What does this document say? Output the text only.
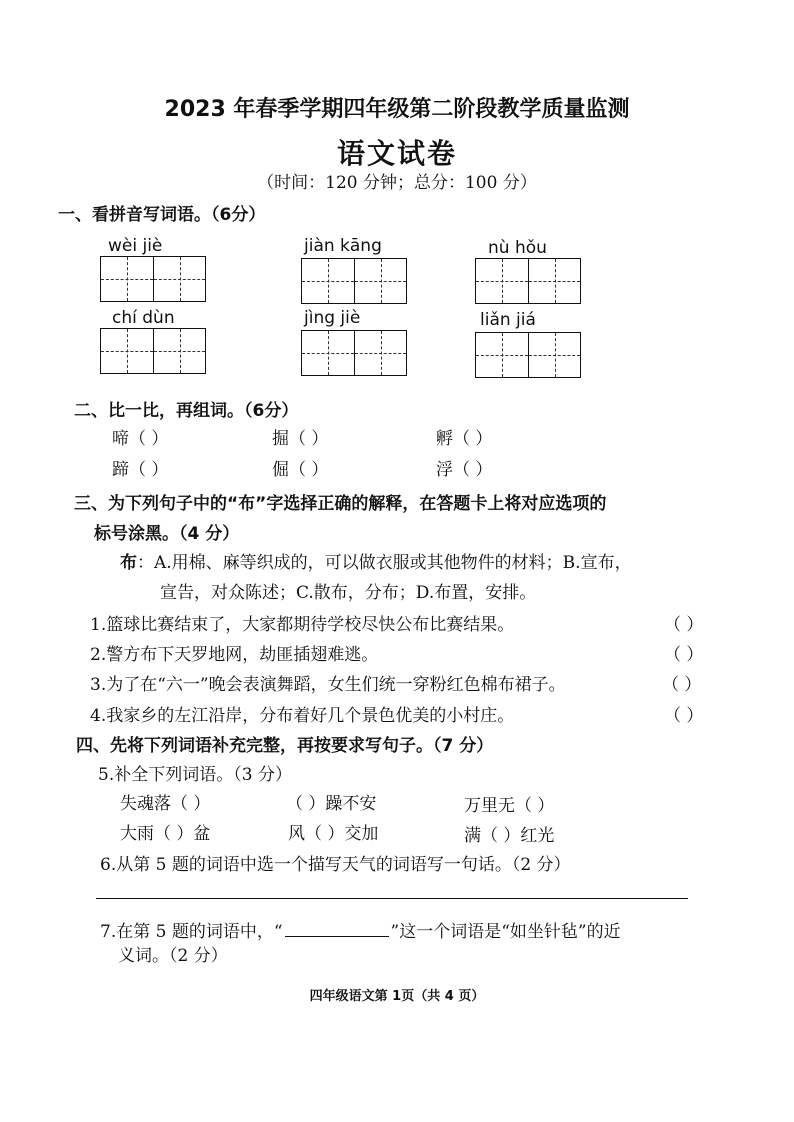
2023 年春季学期四年级第二阶段教学质量监测
语文试卷
（时间：120 分钟；总分：100 分）
一、看拼音写词语。（6分）
wèi jiè	jiàn kāng	nù hǒu
chí dùn	jìng jiè	liǎn jiá
二、比一比，再组词。（6分）
啼（ ）	掘（ ）	孵（ ）
蹄（ ）	倔（ ）	浮（ ）
三、为下列句子中的“布”字选择正确的解释，在答题卡上将对应选项的
标号涂黑。（4 分）
布：A.用棉、麻等织成的，可以做衣服或其他物件的材料；B.宣布，
宣告，对众陈述；C.散布，分布；D.布置，安排。
1.篮球比赛结束了，大家都期待学校尽快公布比赛结果。	（ ）
2.警方布下天罗地网，劫匪插翅难逃。	（ ）
3.为了在“六一”晚会表演舞蹈，女生们统一穿粉红色棉布裙子。	（ ）
4.我家乡的左江沿岸，分布着好几个景色优美的小村庄。	（ ）
四、先将下列词语补充完整，再按要求写句子。（7 分）
5.补全下列词语。（3 分）
失魂落（ ）	（ ）躁不安	万里无（ ）
大雨（ ）盆	风（ ）交加	满（ ）红光
6.从第 5 题的词语中选一个描写天气的词语写一句话。（2 分）
7.在第 5 题的词语中，“	”这一个词语是“如坐针毡”的近
义词。（2 分）
四年级语文第 1页（共 4 页）
